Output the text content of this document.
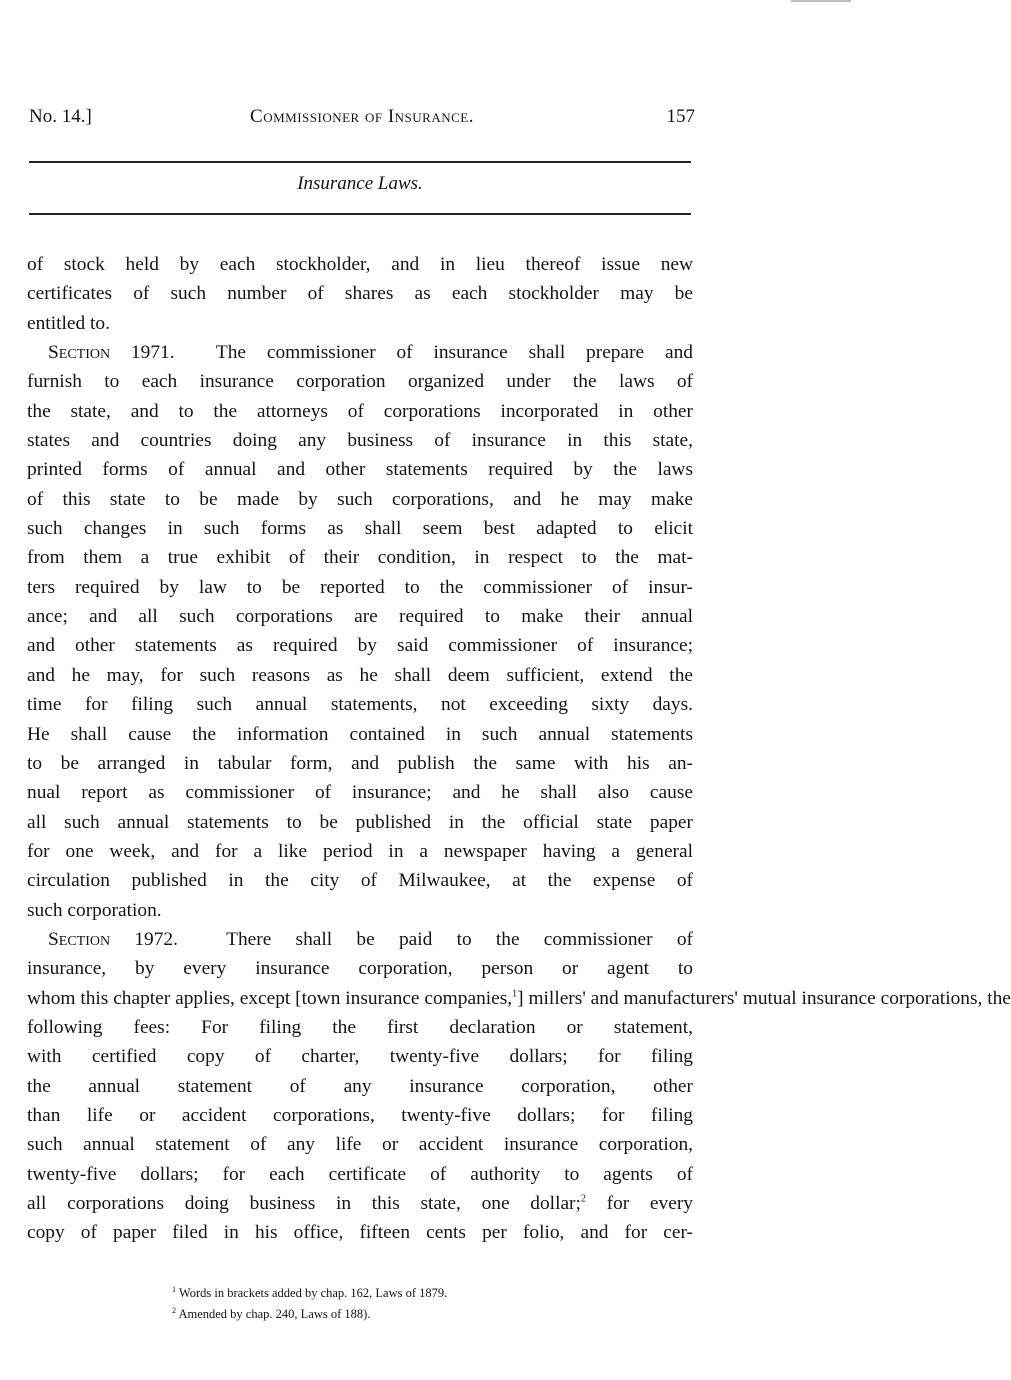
No. 14.]	Commissioner of Insurance.	157
Insurance Laws.
of stock held by each stockholder, and in lieu thereof issue new
certificates of such number of shares as each stockholder may be
entitled to.
Section 1971. The commissioner of insurance shall prepare and
furnish to each insurance corporation organized under the laws of
the state, and to the attorneys of corporations incorporated in other
states and countries doing any business of insurance in this state,
printed forms of annual and other statements required by the laws
of this state to be made by such corporations, and he may make
such changes in such forms as shall seem best adapted to elicit
from them a true exhibit of their condition, in respect to the mat-
ters required by law to be reported to the commissioner of insur-
ance; and all such corporations are required to make their annual
and other statements as required by said commissioner of insurance;
and he may, for such reasons as he shall deem sufficient, extend the
time for filing such annual statements, not exceeding sixty days.
He shall cause the information contained in such annual statements
to be arranged in tabular form, and publish the same with his an-
nual report as commissioner of insurance; and he shall also cause
all such annual statements to be published in the official state paper
for one week, and for a like period in a newspaper having a general
circulation published in the city of Milwaukee, at the expense of
such corporation.
Section 1972. There shall be paid to the commissioner of
insurance, by every insurance corporation, person or agent to
whom this chapter applies, except [town insurance companies,$^1$] millers' and manufacturers' mutual insurance corporations, the
following fees: For filing the first declaration or statement,
with certified copy of charter, twenty-five dollars; for filing
the annual statement of any insurance corporation, other
than life or accident corporations, twenty-five dollars; for filing
such annual statement of any life or accident insurance corporation,
twenty-five dollars; for each certificate of authority to agents of
all corporations doing business in this state, one dollar;$^2$ for every
copy of paper filed in his office, fifteen cents per folio, and for cer-
$^1$ Words in brackets added by chap. 162, Laws of 1879.
$^2$ Amended by chap. 240, Laws of 188).
